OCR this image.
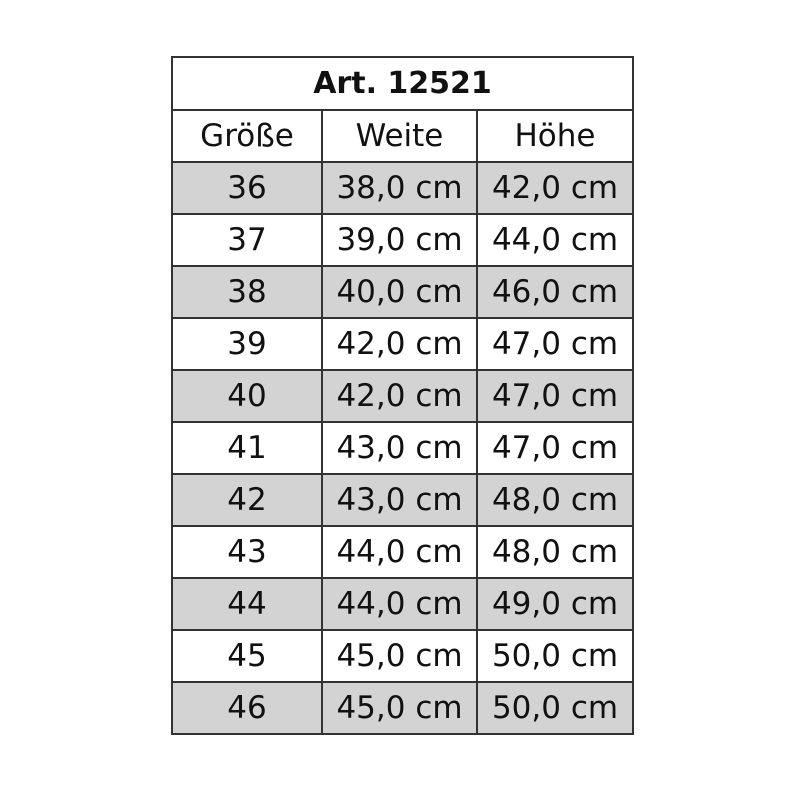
Art. 12521		
Größe	Weite	Höhe
36	38,0 cm	42,0 cm
37	39,0 cm	44,0 cm
38	40,0 cm	46,0 cm
39	42,0 cm	47,0 cm
40	42,0 cm	47,0 cm
41	43,0 cm	47,0 cm
42	43,0 cm	48,0 cm
43	44,0 cm	48,0 cm
44	44,0 cm	49,0 cm
45	45,0 cm	50,0 cm
46	45,0 cm	50,0 cm
